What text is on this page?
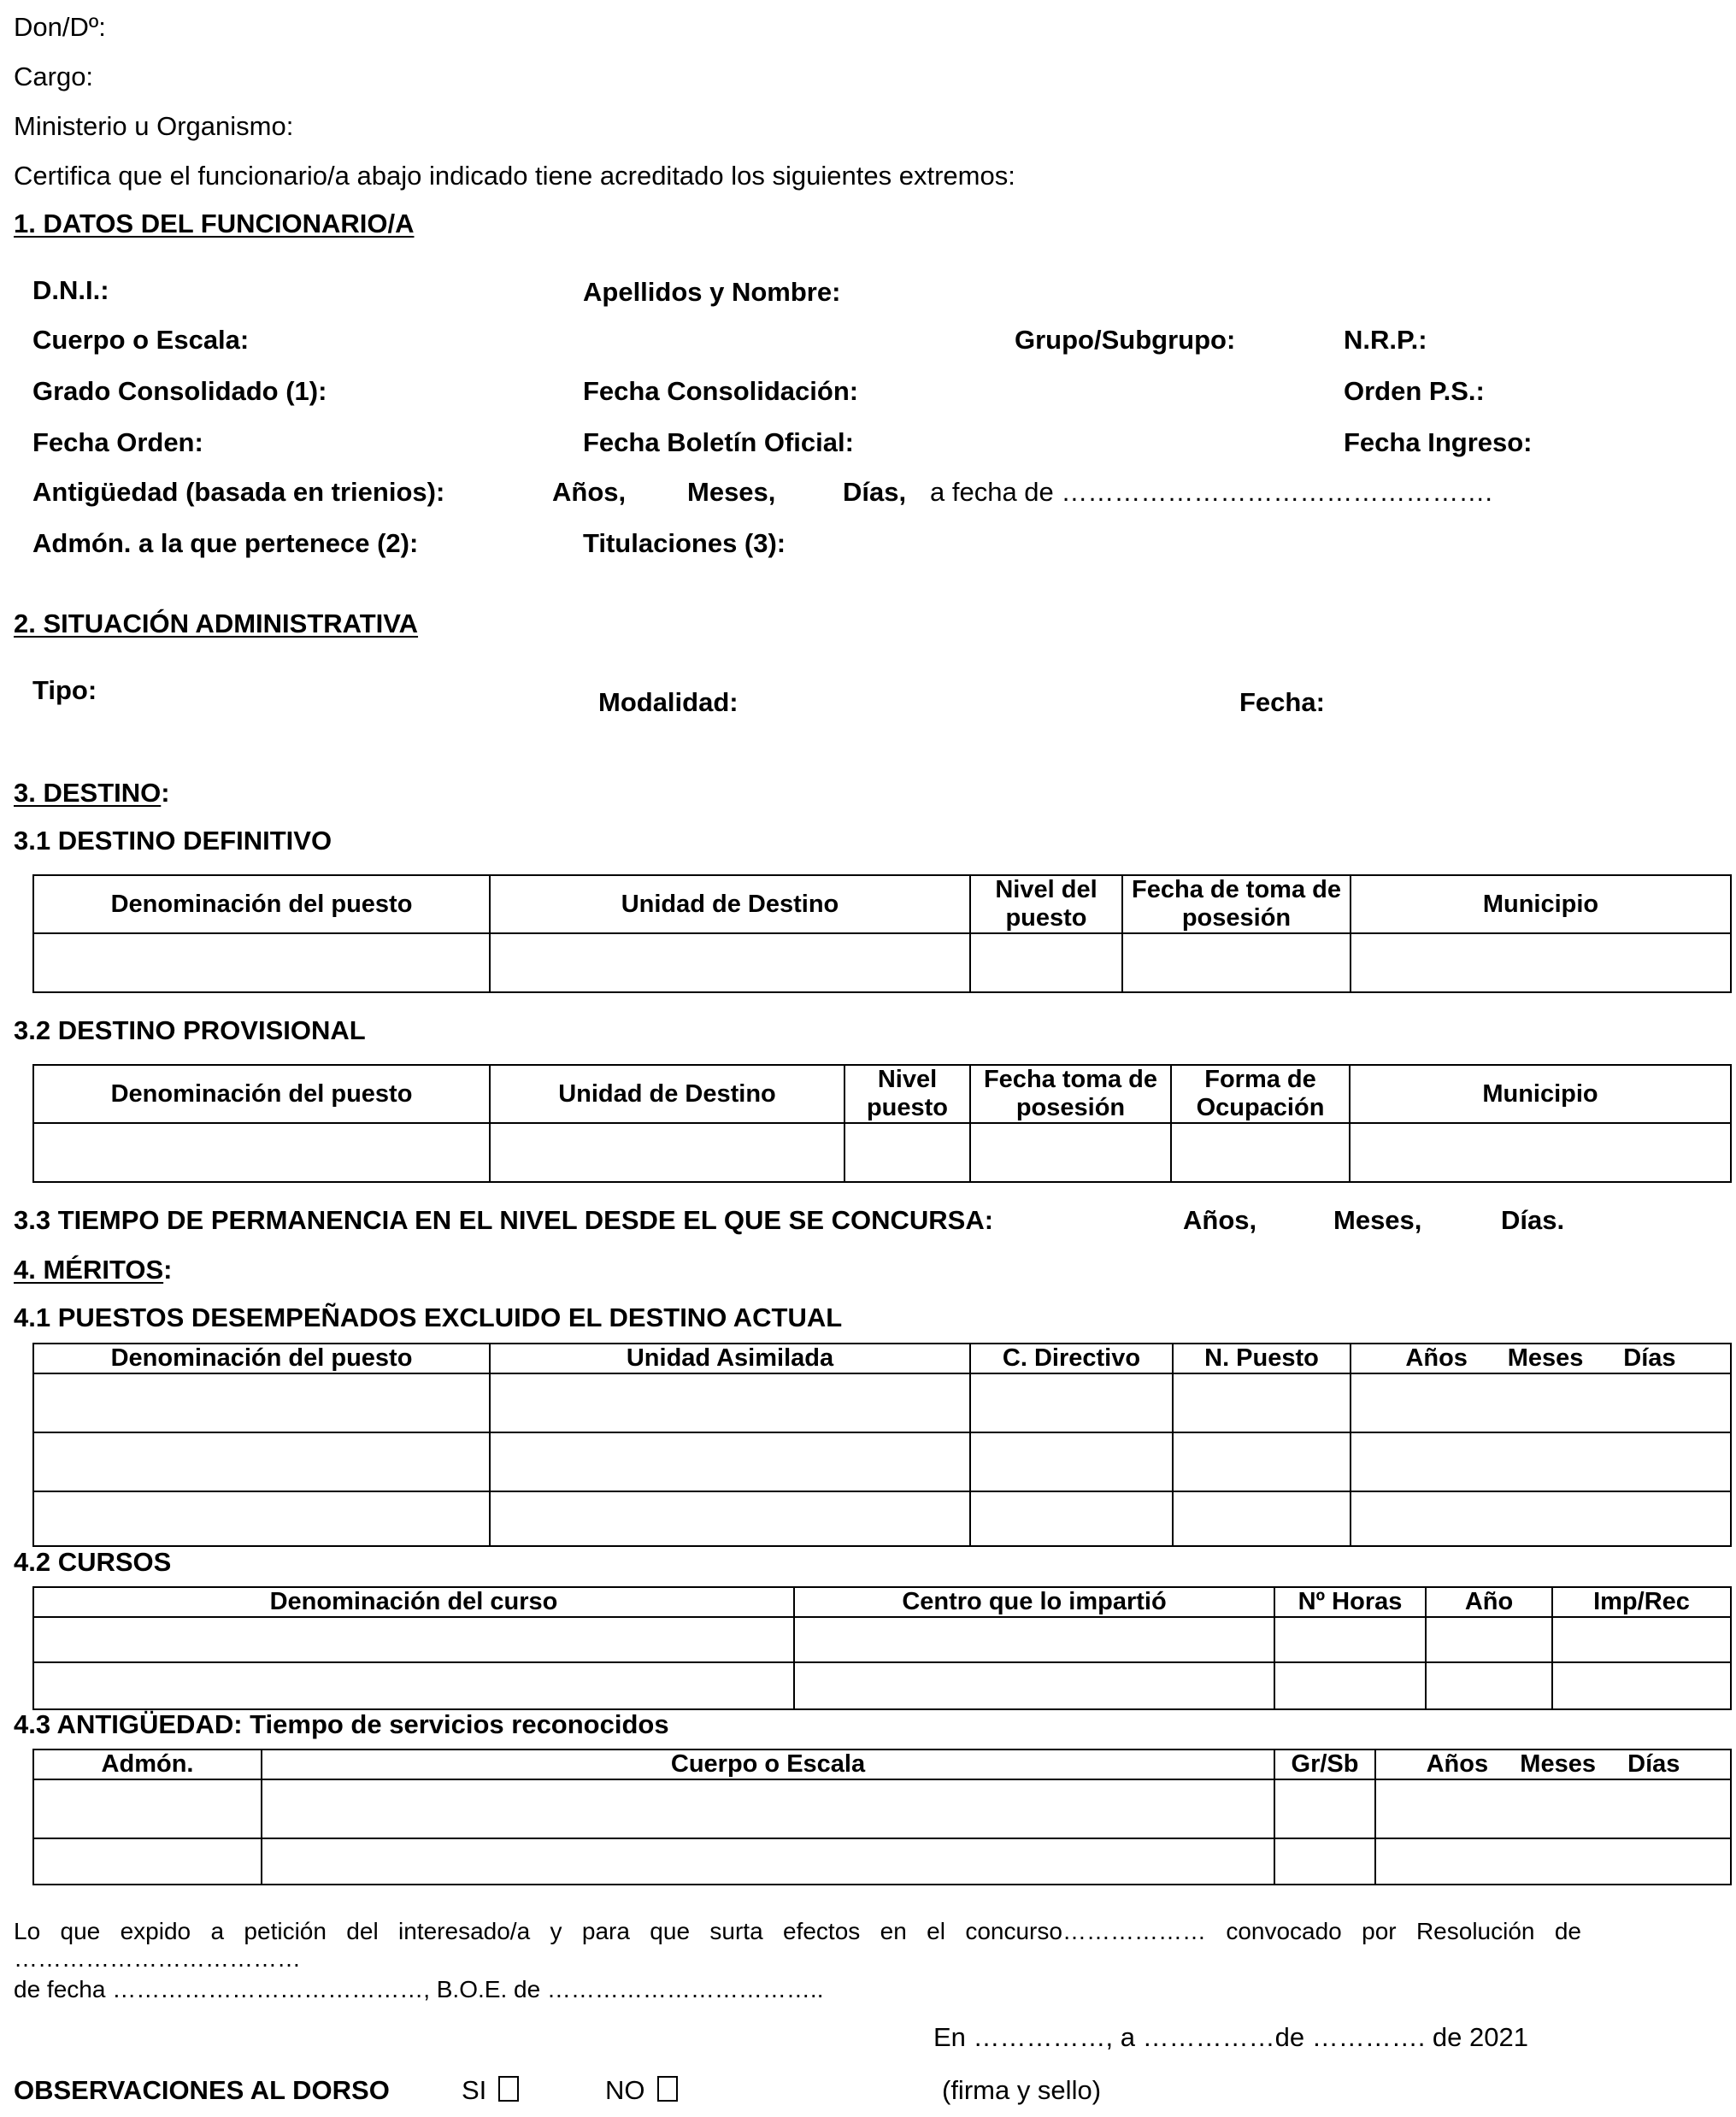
Don/Dº:
Cargo:
Ministerio u Organismo:
Certifica que el funcionario/a abajo indicado tiene acreditado los siguientes extremos:
1. DATOS DEL FUNCIONARIO/A
D.N.I.:	Apellidos y Nombre:
Cuerpo o Escala:	Grupo/Subgrupo:	N.R.P.:
Grado Consolidado (1):	Fecha Consolidación:	Orden P.S.:
Fecha Orden:	Fecha Boletín Oficial:	Fecha Ingreso:
Antigüedad (basada en trienios):	Años, Meses,	Días, a fecha de ………………………………………….
Admón. a la que pertenece (2):	Titulaciones (3):
2. SITUACIÓN ADMINISTRATIVA
Tipo:	Modalidad:	Fecha:
3. DESTINO:
3.1 DESTINO DEFINITIVO
Denominación del puesto	Unidad de Destino	Nivel del puesto	Fecha de toma de posesión	Municipio

3.2 DESTINO PROVISIONAL
Denominación del puesto	Unidad de Destino	Nivel puesto	Fecha toma de posesión	Forma de Ocupación	Municipio

3.3 TIEMPO DE PERMANENCIA EN EL NIVEL DESDE EL QUE SE CONCURSA:	Años,	Meses,	Días.
4. MÉRITOS:
4.1 PUESTOS DESEMPEÑADOS EXCLUIDO EL DESTINO ACTUAL
Denominación del puesto	Unidad Asimilada	C. Directivo	N. Puesto	Años Meses Días

4.2 CURSOS
Denominación del curso	Centro que lo impartió	Nº Horas	Año	Imp/Rec

4.3 ANTIGÜEDAD: Tiempo de servicios reconocidos
Admón.	Cuerpo o Escala	Gr/Sb	Años Meses Días

Lo que expido a petición del interesado/a y para que surta efectos en el concurso……………… convocado por Resolución de
………………………………
de fecha …………………………………, B.O.E. de ……………………………..
En ……………, a ……………de …………. de 2021
OBSERVACIONES AL DORSO	SI	NO	(firma y sello)
